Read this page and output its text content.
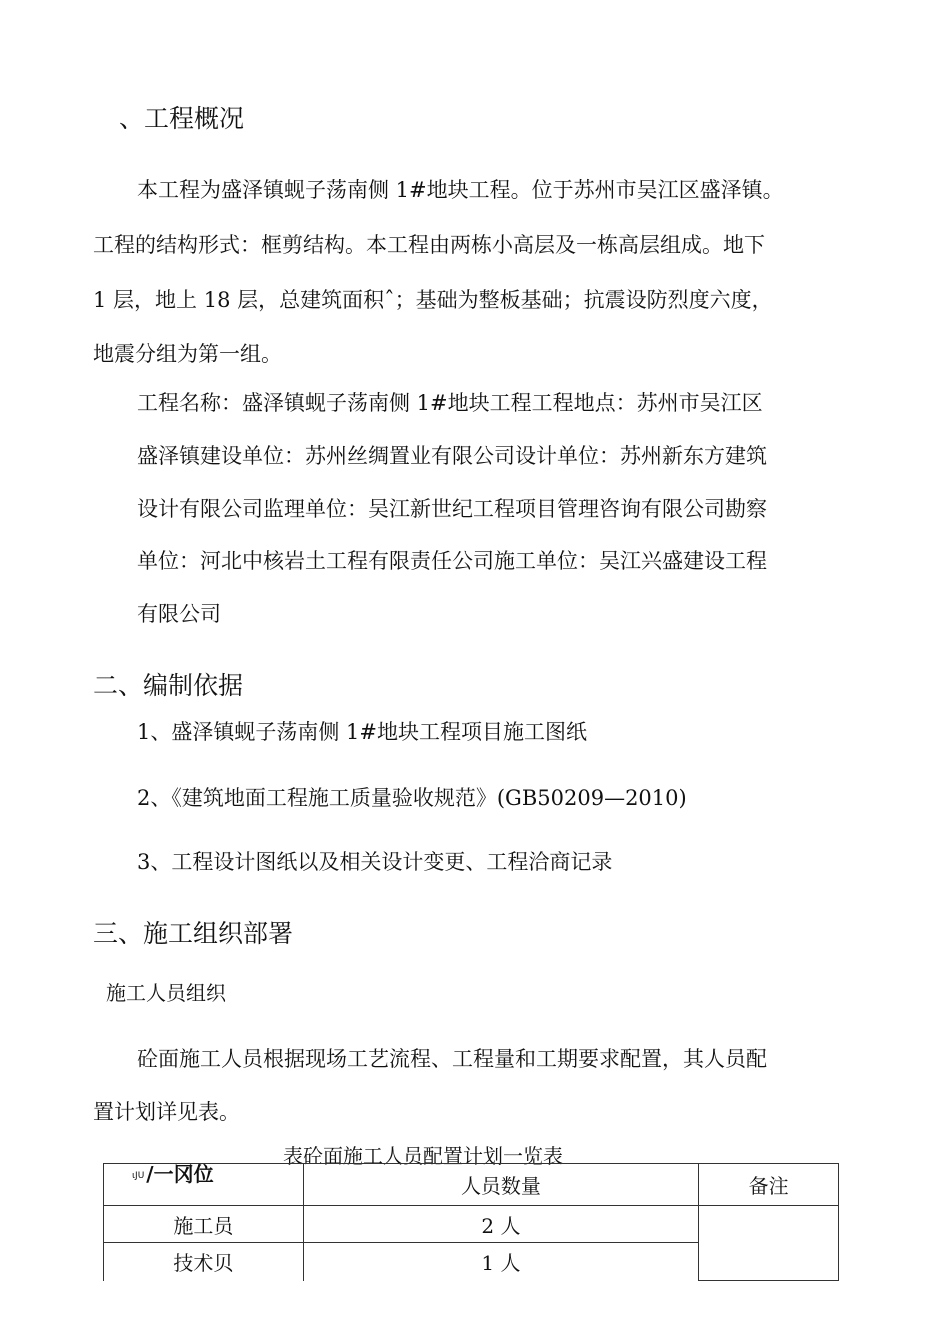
、工程概况
本工程为盛泽镇蚬子荡南侧 1#地块工程。位于苏州市吴江区盛泽镇。
工程的结构形式：框剪结构。本工程由两栋小高层及一栋高层组成。地下
1 层，地上 18 层，总建筑面积ˆ；基础为整板基础；抗震设防烈度六度，
地震分组为第一组。
工程名称：盛泽镇蚬子荡南侧 1#地块工程工程地点：苏州市吴江区
盛泽镇建设单位：苏州丝绸置业有限公司设计单位：苏州新东方建筑
设计有限公司监理单位：吴江新世纪工程项目管理咨询有限公司勘察
单位：河北中核岩土工程有限责任公司施工单位：吴江兴盛建设工程
有限公司
二、编制依据
1、盛泽镇蚬子荡南侧 1#地块工程项目施工图纸
2、《建筑地面工程施工质量验收规范》(GB50209—2010)
3、工程设计图纸以及相关设计变更、工程洽商记录
三、施工组织部署
施工人员组织
砼面施工人员根据现场工艺流程、工程量和工期要求配置，其人员配
置计划详见表。
表砼面施工人员配置计划一览表
ιJU /一冈位	人员数量	备注
施工员	2 人	
技术贝	1 人	
